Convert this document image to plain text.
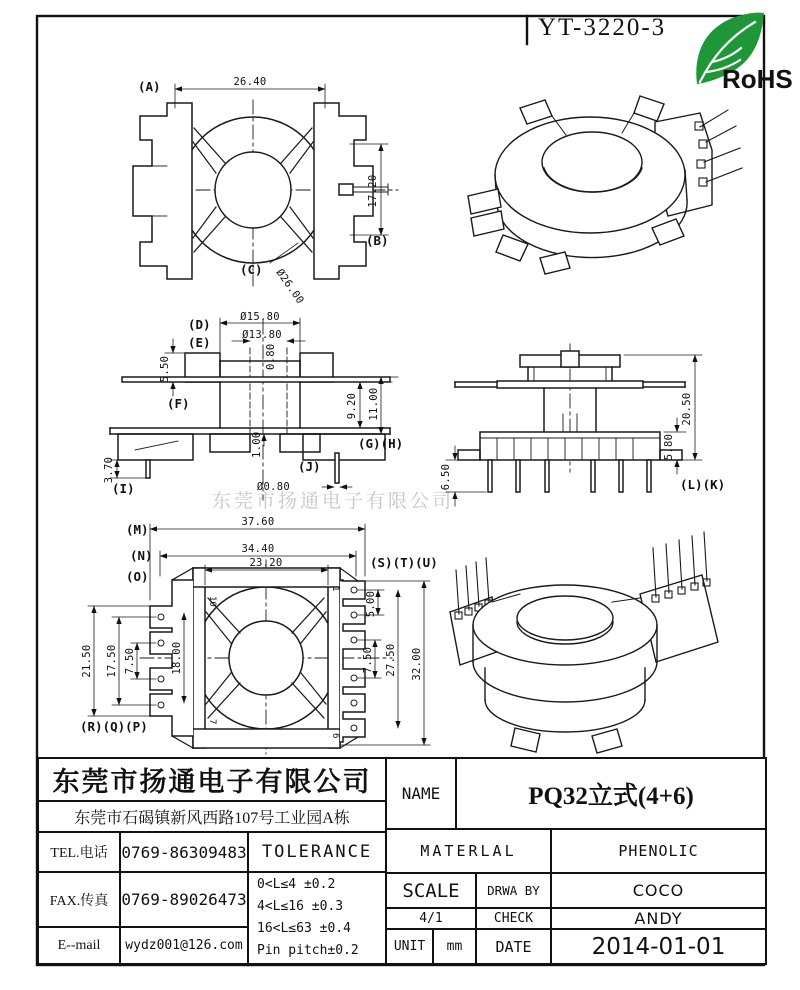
YT-3220-3
东莞市扬通电子有限公司
RoHS
26.40
(A)
17.20
(B)
(C) Ø26.00
(D)	Ø15.80
(E)	Ø13.80
0.80
5.50
(F)	9.20 11.00
(G)(H)
1.00
3.70
(I)
(J)
Ø0.80
20.50
5.80
6.50	(L)(K)
37.60
34.40
23.20
(M)
(N)
(O)
(S)(T)(U)
(R)(Q)(P)
21.50 17.50 7.50	18.00
5.00
7.50 27.50 32.00
10
1
7
6
东莞市扬通电子有限公司
东莞市石碣镇新风西路107号工业园A栋
TEL.电话 0769-86309483 TOLERANCE
FAX.传真 0769-89026473
E--mail	wydz001@126.com
0<L≤4 ±0.2
4<L≤16 ±0.3
16<L≤63 ±0.4
Pin pitch±0.2
NAME	PQ32立式(4+6)
MATERLAL	PHENOLIC
SCALE	DRWA BY	COCO
4/1	CHECK	ANDY
UNIT	mm	DATE	2014-01-01
